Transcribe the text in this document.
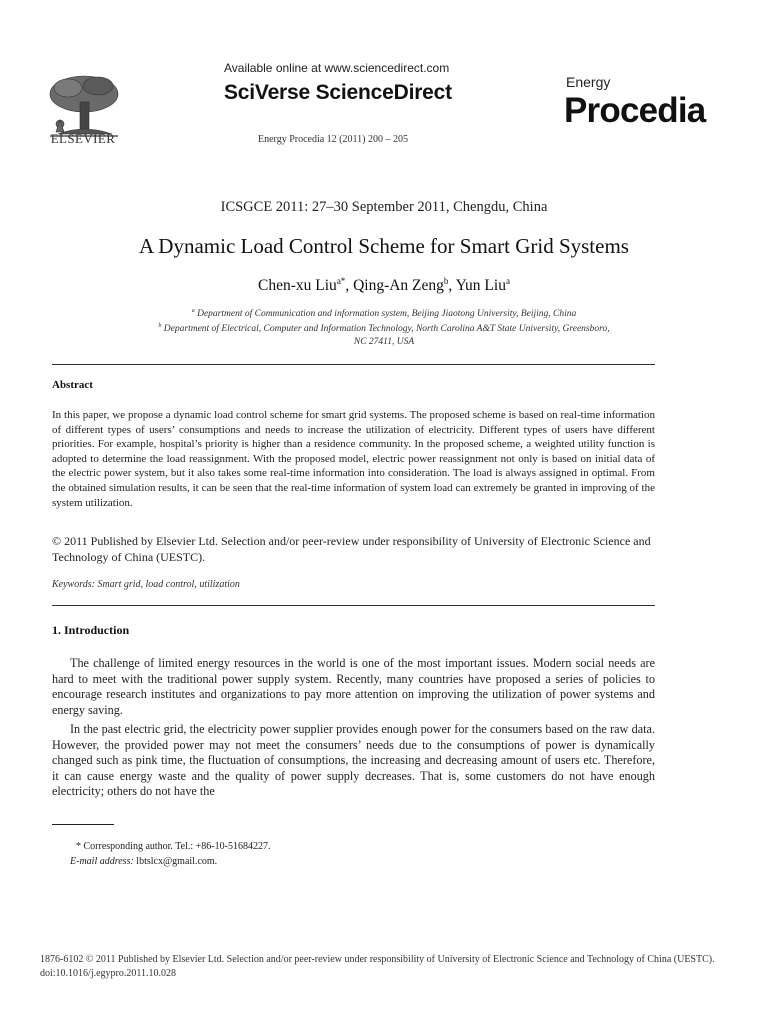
ELSEVIER
Available online at www.sciencedirect.com
SciVerse ScienceDirect
Energy Procedia 12 (2011) 200 – 205
Energy
Procedia
ICSGCE 2011: 27–30 September 2011, Chengdu, China
A Dynamic Load Control Scheme for Smart Grid Systems
Chen-xu Liu$^{a*}$, Qing-An Zeng$^b$, Yun Liu$^a$
$^a$ Department of Communication and information system, Beijing Jiaotong University, Beijing, China
$^b$ Department of Electrical, Computer and Information Technology, North Carolina A&T State University, Greensboro,
NC 27411, USA
Abstract
In this paper, we propose a dynamic load control scheme for smart grid systems. The proposed scheme is based on real-time information of different types of users’ consumptions and needs to increase the utilization of electricity. Different types of users have different priorities. For example, hospital’s priority is higher than a residence community. In the proposed scheme, a weighted utility function is adopted to determine the load reassignment. With the proposed model, electric power reassignment not only is based on initial data of the electric power system, but it also takes some real-time information into consideration. The load is always assigned in optimal. From the obtained simulation results, it can be seen that the real-time information of system load can extremely be granted in improving of the system utilization.
© 2011 Published by Elsevier Ltd. Selection and/or peer-review under responsibility of University of Electronic Science and Technology of China (UESTC).
Keywords: Smart grid, load control, utilization
1. Introduction
The challenge of limited energy resources in the world is one of the most important issues. Modern social needs are hard to meet with the traditional power supply system. Recently, many countries have proposed a series of policies to encourage research institutes and organizations to pay more attention on improving the utilization of power systems and energy saving.
In the past electric grid, the electricity power supplier provides enough power for the consumers based on the raw data. However, the provided power may not meet the consumers’ needs due to the consumptions of power is dynamically changed such as pink time, the fluctuation of consumptions, the increasing and decreasing amount of users etc. Therefore, it can cause energy waste and the quality of power supply decreases. That is, some customers do not have enough electricity; others do not have the
* Corresponding author. Tel.: +86-10-51684227.
E-mail address: lbtslcx@gmail.com.
1876-6102 © 2011 Published by Elsevier Ltd. Selection and/or peer-review under responsibility of University of Electronic Science and Technology of China (UESTC).
doi:10.1016/j.egypro.2011.10.028
